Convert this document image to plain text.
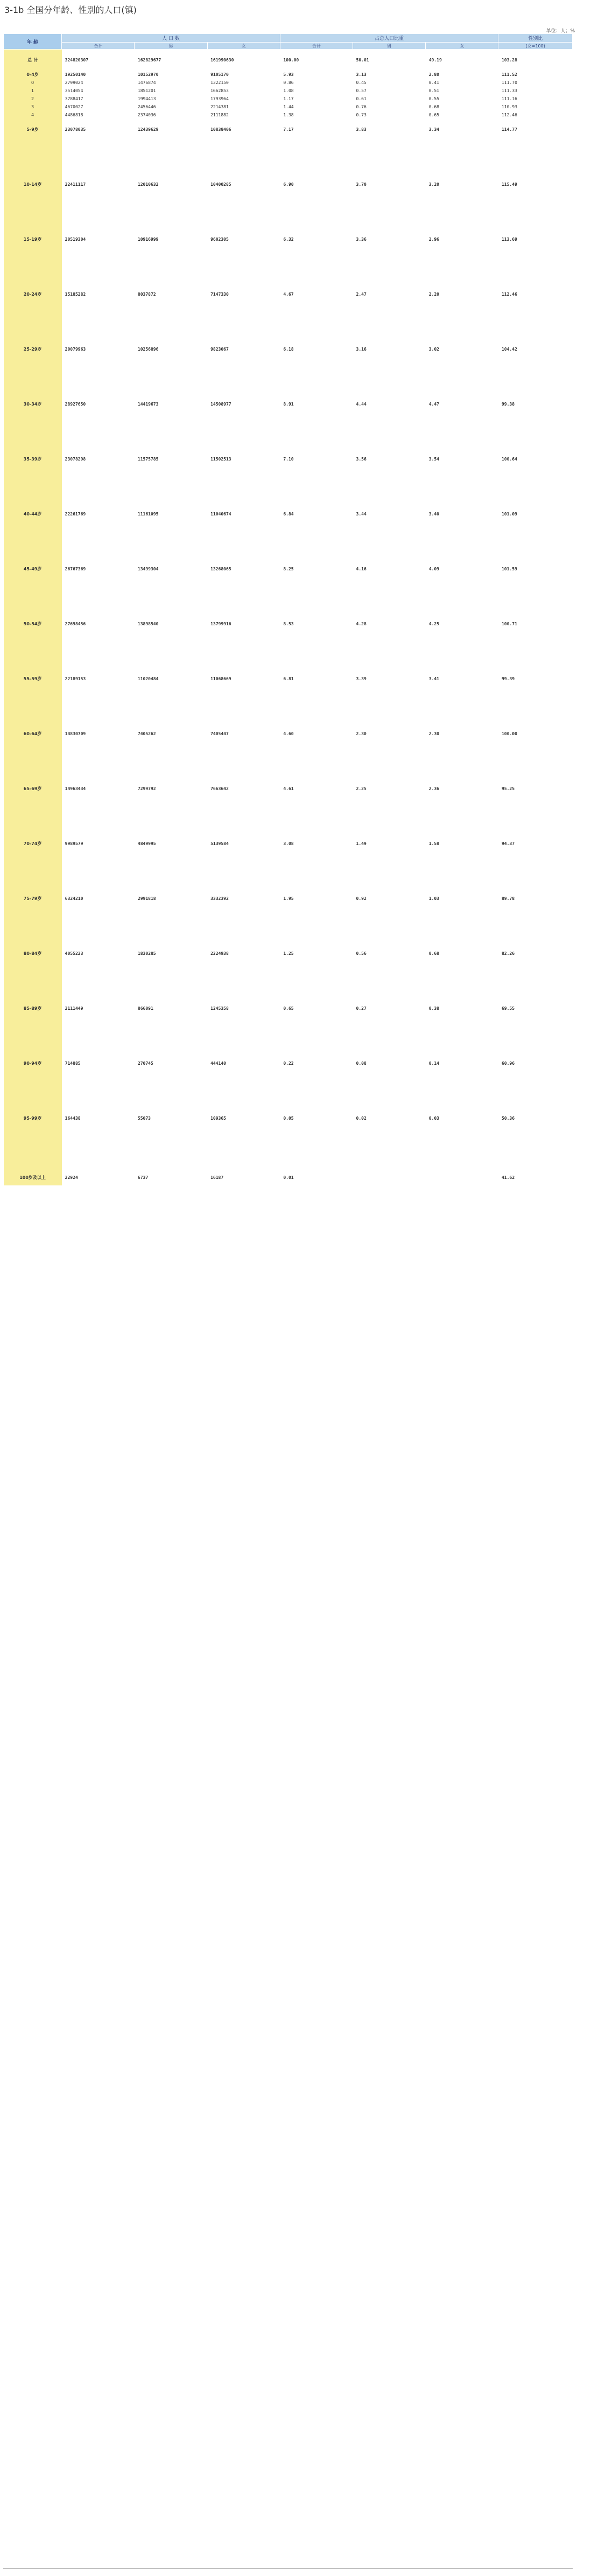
3-1b 全国分年龄、性别的人口(镇)
单位：人；%
年 龄	人 口 数			占总人口比重			性别比
	合计	男	女	合计	男	女	(女=100)

总 计	324820307	162829677	161990630	100.00	50.01	49.19	103.28

0-4岁	19250140	10152970	9105170	5.93	3.13	2.80	111.52
0	2799024	1476874	1322150	0.86	0.45	0.41	111.70
1	3514054	1851201	1662853	1.08	0.57	0.51	111.33
2	3788417	1994413	1793964	1.17	0.61	0.55	111.16
3	4670027	2456446	2214381	1.44	0.76	0.68	110.93
4	4486818	2374036	2111882	1.38	0.73	0.65	112.46

5-9岁	23078035	12439629	10838406	7.17	3.83	3.34	114.77

10-14岁	22411117	12010632	10400285	6.90	3.70	3.20	115.49

15-19岁	20519304	10916999	9602305	6.32	3.36	2.96	113.69

20-24岁	15185282	8037872	7147330	4.67	2.47	2.20	112.46

25-29岁	20079963	10256896	9823067	6.18	3.16	3.02	104.42

30-34岁	28927650	14419673	14508977	8.91	4.44	4.47	99.38

35-39岁	23078298	11575785	11502513	7.10	3.56	3.54	100.64

40-44岁	22261769	11161095	11040674	6.84	3.44	3.40	101.09

45-49岁	26767369	13499304	13268065	8.25	4.16	4.09	101.59

50-54岁	27698456	13898540	13799916	8.53	4.28	4.25	100.71

55-59岁	22189153	11020484	11068669	6.81	3.39	3.41	99.39

60-64岁	14830709	7405262	7405447	4.60	2.30	2.30	100.00

65-69岁	14963434	7299792	7663642	4.61	2.25	2.36	95.25

70-74岁	9989579	4849995	5139584	3.08	1.49	1.58	94.37

75-79岁	6324210	2991818	3332392	1.95	0.92	1.03	89.78

80-84岁	4055223	1830285	2224938	1.25	0.56	0.68	82.26

85-89岁	2111449	866091	1245358	0.65	0.27	0.38	69.55

90-94岁	714885	270745	444140	0.22	0.08	0.14	60.96

95-99岁	164438	55073	109365	0.05	0.02	0.03	50.36

100岁及以上	22924	6737	16187	0.01			41.62
